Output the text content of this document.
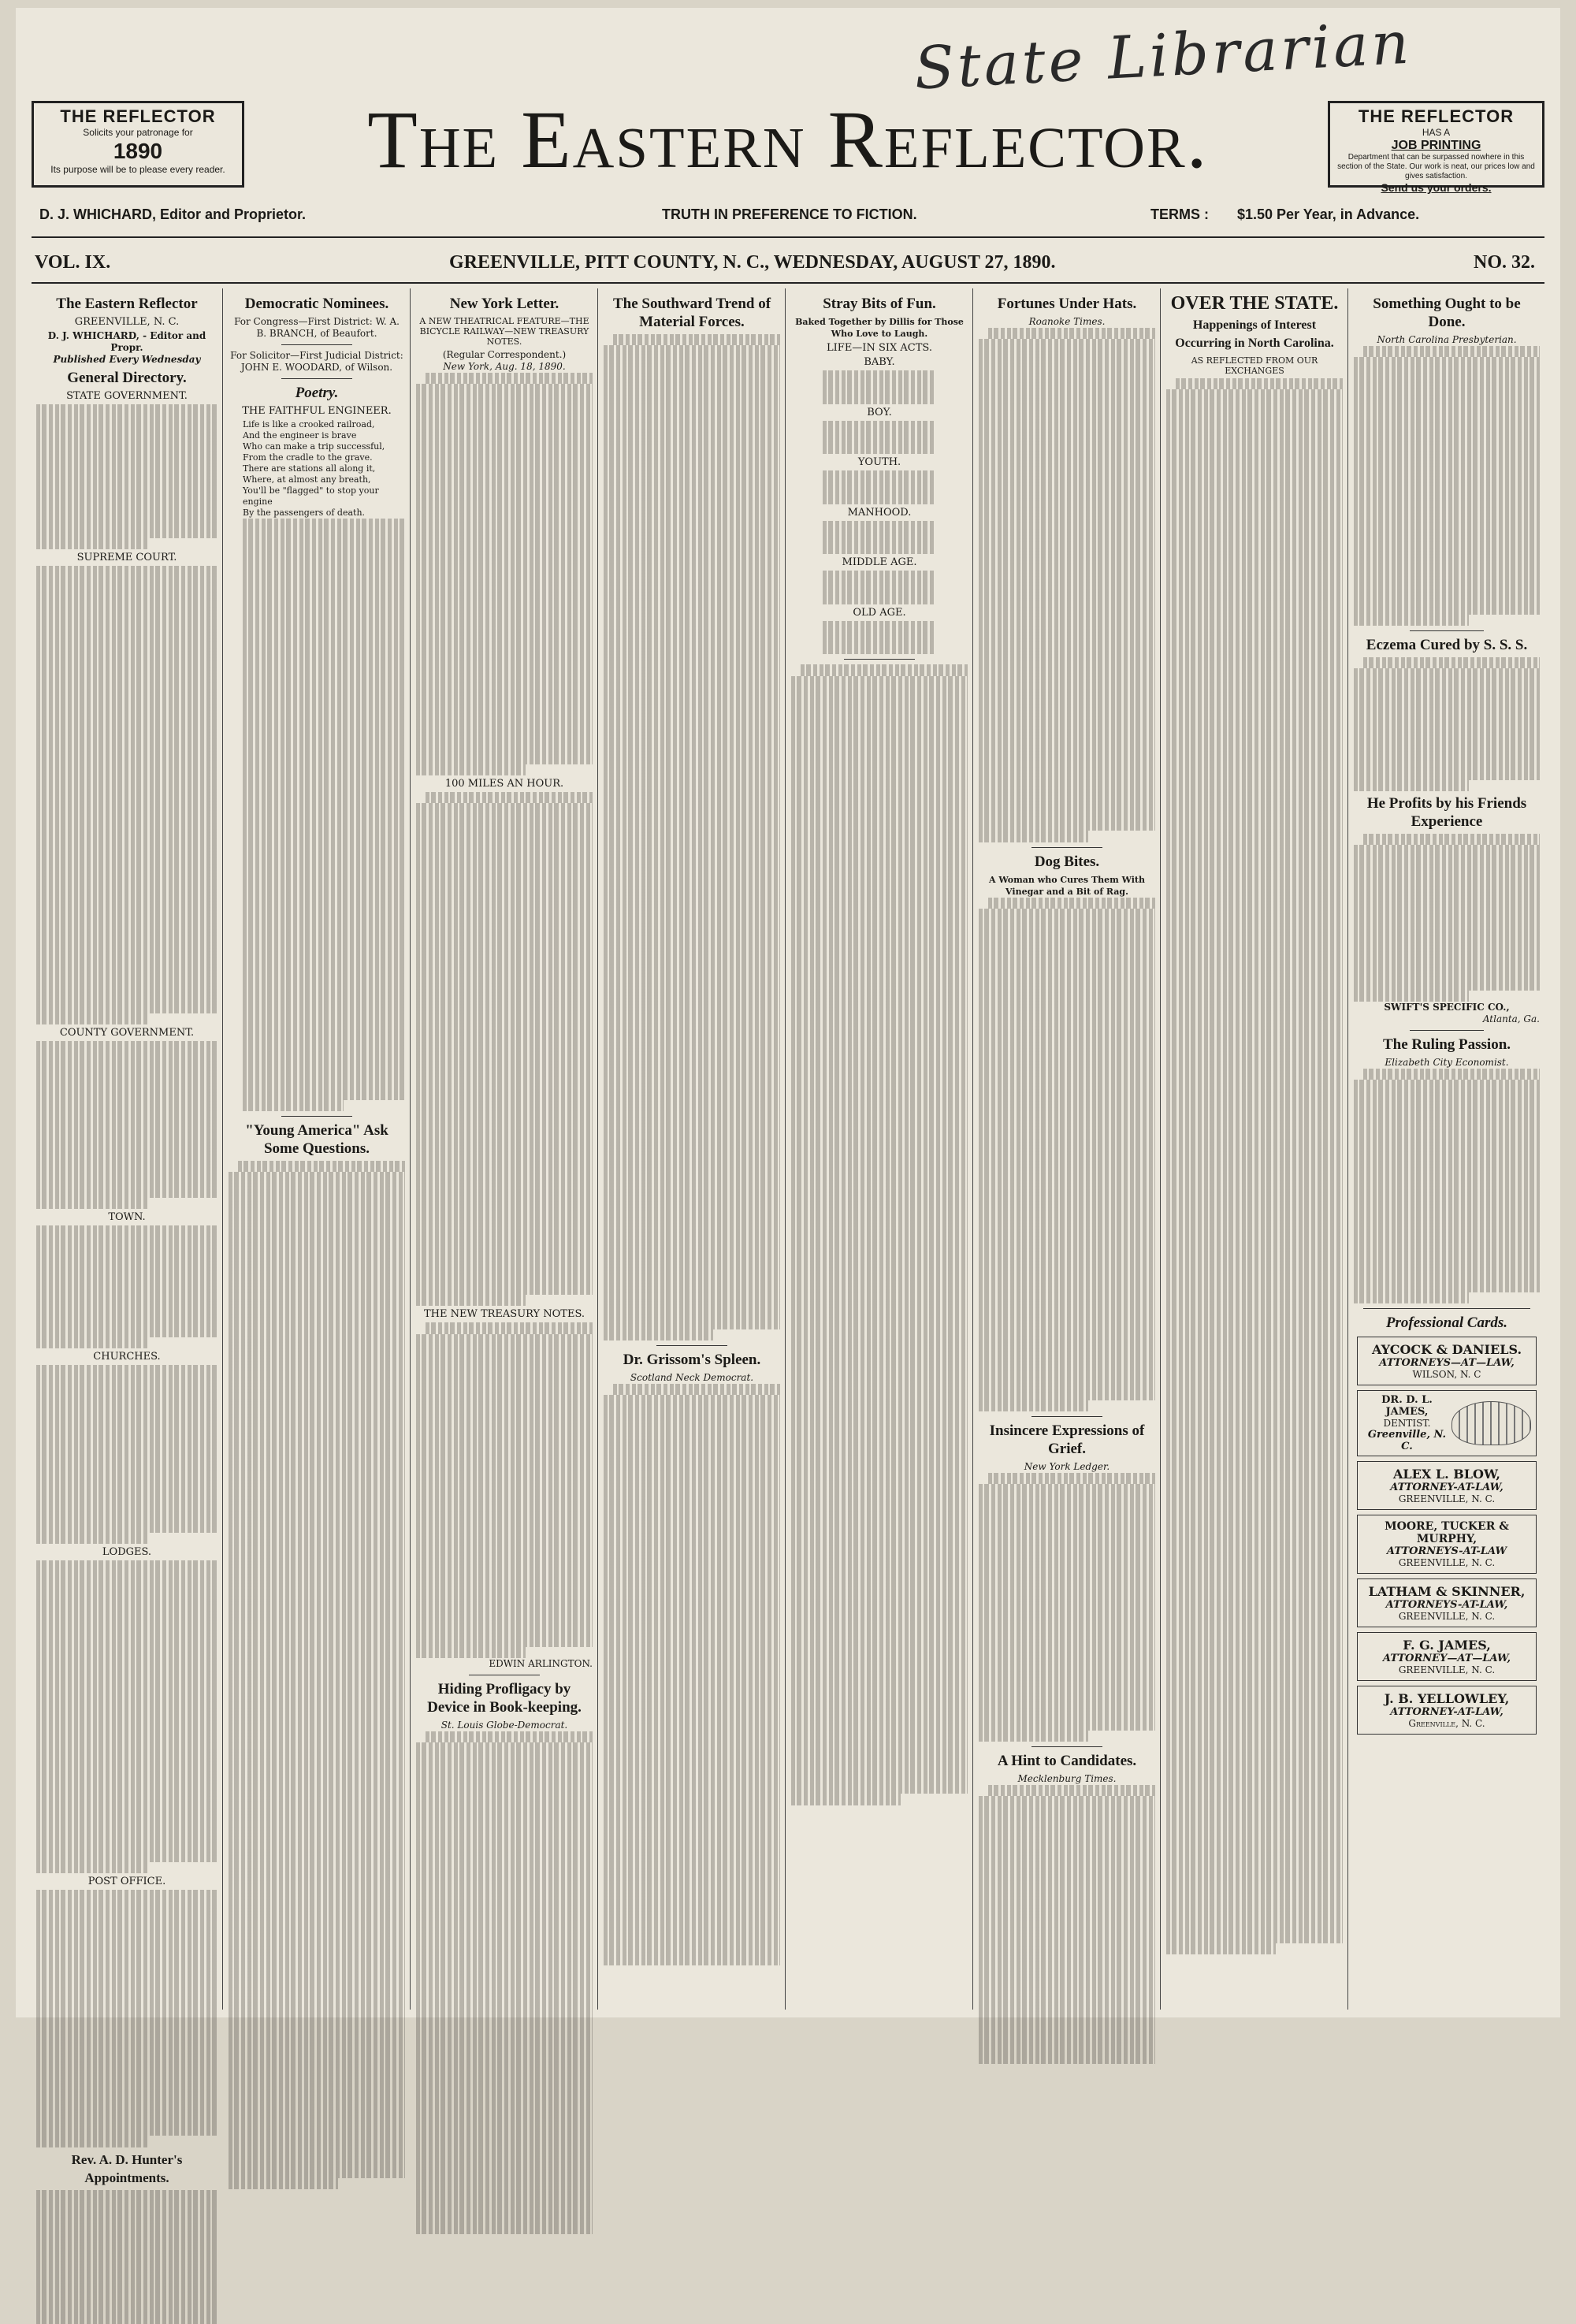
State Librarian
THE REFLECTOR
Solicits your patronage for
1890
Its purpose will be to please every reader.	The Eastern Reflector.	THE REFLECTOR
HAS A
JOB PRINTING
Department that can be surpassed nowhere in this section of the State. Our work is neat, our prices low and gives satisfaction.
Send us your orders.
D. J. WHICHARD, Editor and Proprietor.	TRUTH IN PREFERENCE TO FICTION.	TERMS : $1.50 Per Year, in Advance.
VOL. IX.	GREENVILLE, PITT COUNTY, N. C., WEDNESDAY, AUGUST 27, 1890.	NO. 32.
The Eastern Reflector
GREENVILLE, N. C.
D. J. WHICHARD, - Editor and Propr.
Published Every Wednesday
General Directory.
STATE GOVERNMENT.
SUPREME COURT.
COUNTY GOVERNMENT.
TOWN.
CHURCHES.
LODGES.
POST OFFICE.
Rev. A. D. Hunter's Appointments.
Democratic Nominees.
For Congress—First District: W. A. B. BRANCH, of Beaufort.
For Solicitor—First Judicial District: JOHN E. WOODARD, of Wilson.
Poetry.
THE FAITHFUL ENGINEER.
Life is like a crooked railroad,
And the engineer is brave
Who can make a trip successful,
From the cradle to the grave.
There are stations all along it,
Where, at almost any breath,
You'll be "flagged" to stop your engine
By the passengers of death.
"Young America" Ask Some Questions.
New York Letter.
A NEW THEATRICAL FEATURE—THE BICYCLE RAILWAY—NEW TREASURY NOTES.
(Regular Correspondent.)
New York, Aug. 18, 1890.
100 MILES AN HOUR.
THE NEW TREASURY NOTES.
EDWIN ARLINGTON.
Hiding Profligacy by Device in Book-keeping.
St. Louis Globe-Democrat.
The Southward Trend of Material Forces.
Dr. Grissom's Spleen.
Scotland Neck Democrat.
Stray Bits of Fun.
Baked Together by Dillis for Those Who Love to Laugh.
LIFE—IN SIX ACTS.
BABY.
BOY.
YOUTH.
MANHOOD.
MIDDLE AGE.
OLD AGE.
Fortunes Under Hats.
Roanoke Times.
Dog Bites.
A Woman who Cures Them With Vinegar and a Bit of Rag.
Insincere Expressions of Grief.
New York Ledger.
A Hint to Candidates.
Mecklenburg Times.
OVER THE STATE.
Happenings of Interest Occurring in North Carolina.
AS REFLECTED FROM OUR EXCHANGES
Something Ought to be Done.
North Carolina Presbyterian.
Eczema Cured by S. S. S.
He Profits by his Friends Experience
SWIFT'S SPECIFIC CO.,
Atlanta, Ga.
The Ruling Passion.
Elizabeth City Economist.
Professional Cards.
AYCOCK & DANIELS.
ATTORNEYS—AT—LAW,
WILSON, N. C
DR. D. L. JAMES,
DENTIST.
Greenville, N. C.
ALEX L. BLOW,
ATTORNEY-AT-LAW,
GREENVILLE, N. C.
MOORE, TUCKER & MURPHY,
ATTORNEYS-AT-LAW
GREENVILLE, N. C.
LATHAM & SKINNER,
ATTORNEYS-AT-LAW,
GREENVILLE, N. C.
F. G. JAMES,
ATTORNEY—AT—LAW,
GREENVILLE, N. C.
J. B. YELLOWLEY,
ATTORNEY-AT-LAW,
Greenville, N. C.
